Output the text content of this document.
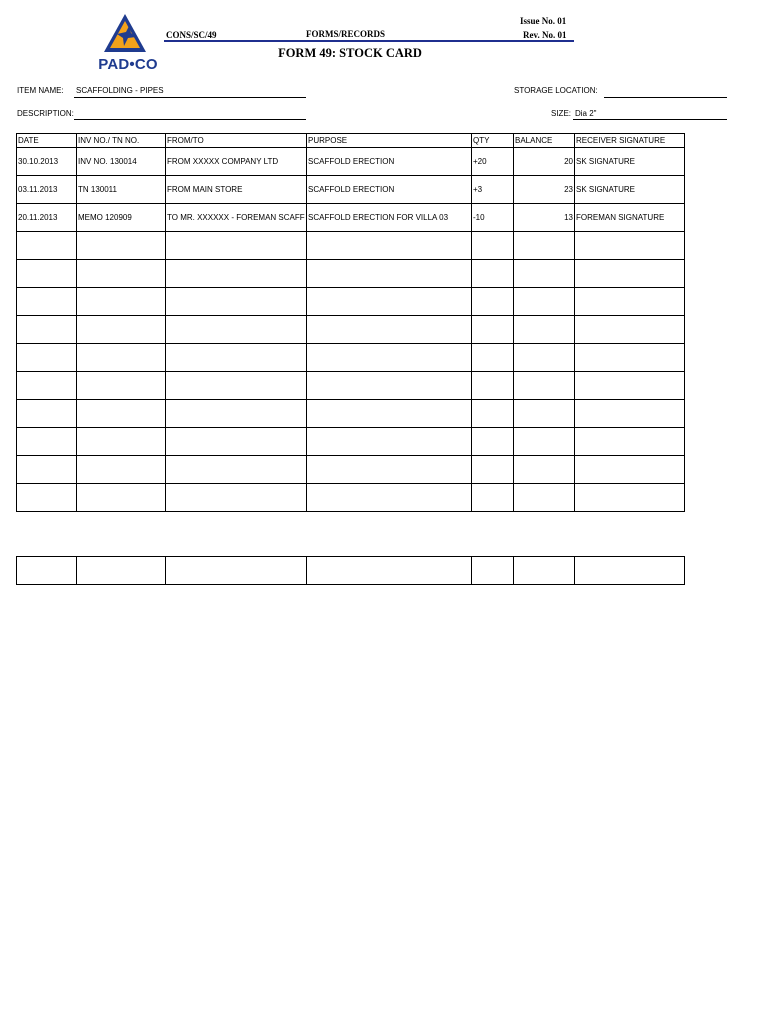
PAD•CO
CONS/SC/49	FORMS/RECORDS
Issue No. 01
Rev. No. 01
FORM 49: STOCK CARD
ITEM NAME: SCAFFOLDING - PIPES
DESCRIPTION:
STORAGE LOCATION:
SIZE: Dia 2"
DATE	INV NO./ TN NO.	FROM/TO	PURPOSE	QTY	BALANCE	RECEIVER SIGNATURE
30.10.2013	INV NO. 130014	FROM XXXXX COMPANY LTD	SCAFFOLD ERECTION	+20	20	SK SIGNATURE
03.11.2013	TN 130011	FROM MAIN STORE	SCAFFOLD ERECTION	+3	23	SK SIGNATURE
20.11.2013	MEMO 120909	TO MR. XXXXXX - FOREMAN SCAFF	SCAFFOLD ERECTION FOR VILLA 03	-10	13	FOREMAN SIGNATURE
